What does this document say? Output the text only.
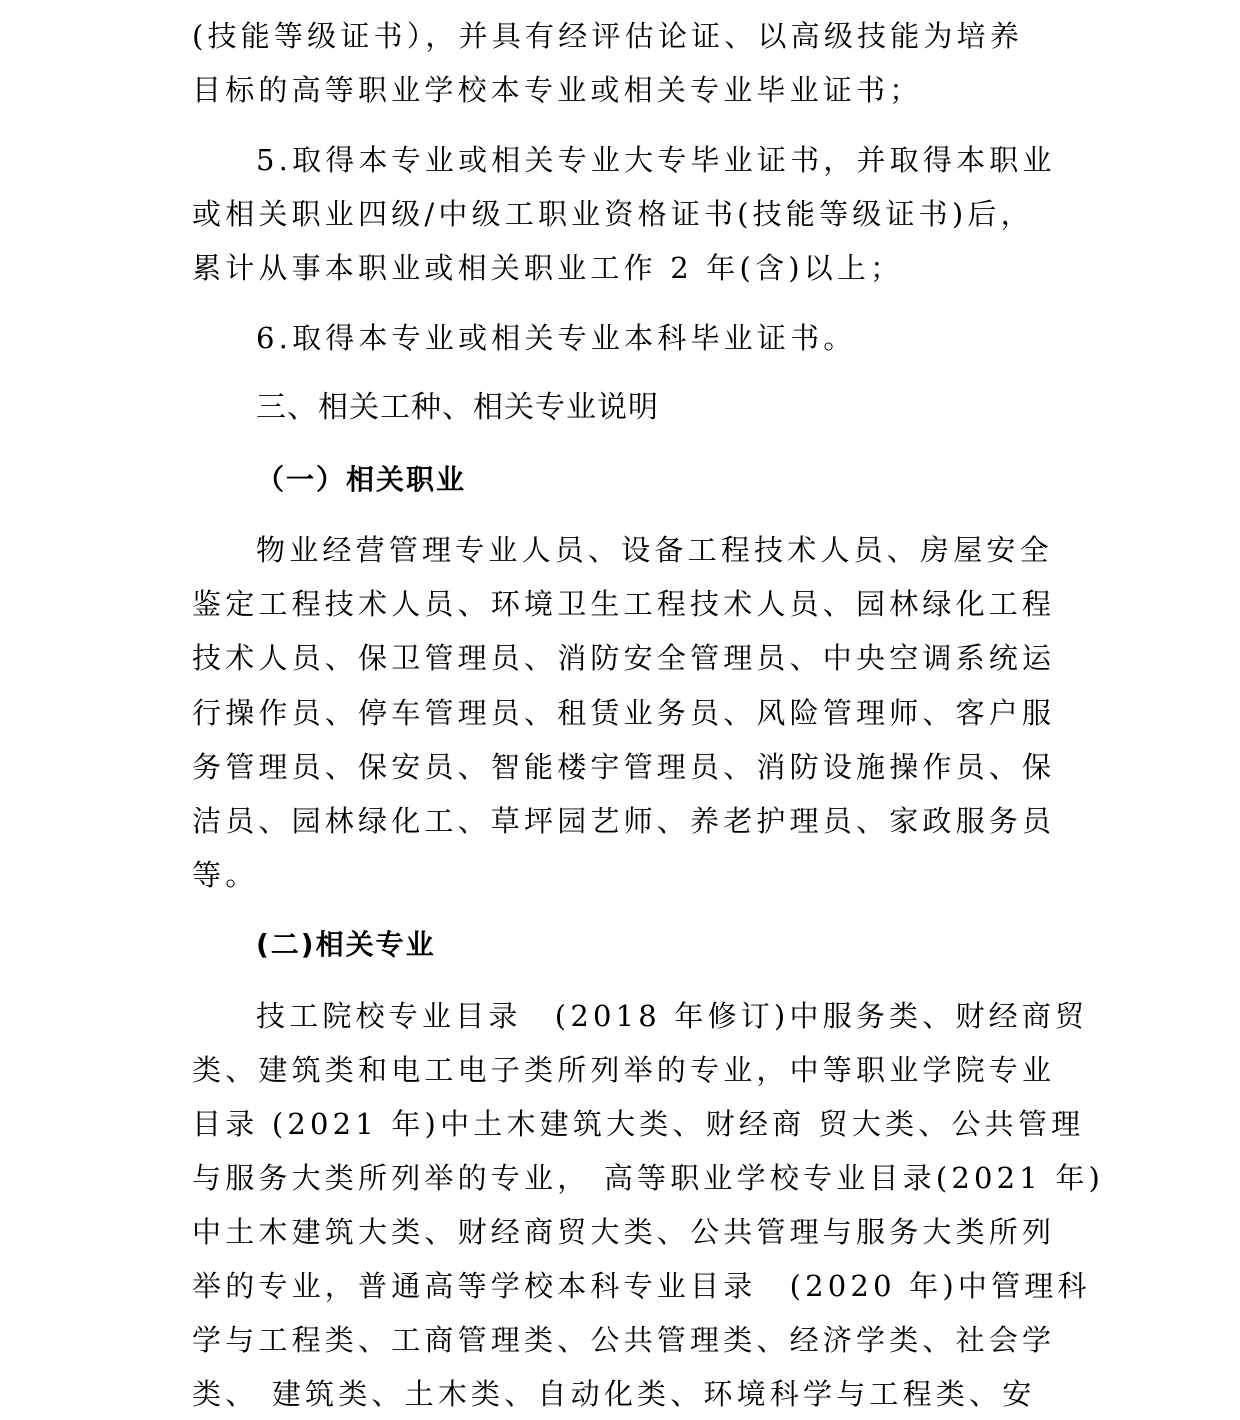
(技能等级证书），并具有经评估论证、以高级技能为培养
目标的高等职业学校本专业或相关专业毕业证书；
5.取得本专业或相关专业大专毕业证书，并取得本职业
或相关职业四级/中级工职业资格证书(技能等级证书)后，
累计从事本职业或相关职业工作 2 年(含)以上；
6.取得本专业或相关专业本科毕业证书。
三、相关工种、相关专业说明
（一）相关职业
物业经营管理专业人员、设备工程技术人员、房屋安全
鉴定工程技术人员、环境卫生工程技术人员、园林绿化工程
技术人员、保卫管理员、消防安全管理员、中央空调系统运
行操作员、停车管理员、租赁业务员、风险管理师、客户服
务管理员、保安员、智能楼宇管理员、消防设施操作员、保
洁员、园林绿化工、草坪园艺师、养老护理员、家政服务员
等。
(二)相关专业
技工院校专业目录　(2018 年修订)中服务类、财经商贸
类、建筑类和电工电子类所列举的专业，中等职业学院专业
目录 (2021 年)中土木建筑大类、财经商 贸大类、公共管理
与服务大类所列举的专业， 高等职业学校专业目录(2021 年)
中土木建筑大类、财经商贸大类、公共管理与服务大类所列
举的专业，普通高等学校本科专业目录　(2020 年)中管理科
学与工程类、工商管理类、公共管理类、经济学类、社会学
类、 建筑类、土木类、自动化类、环境科学与工程类、安
